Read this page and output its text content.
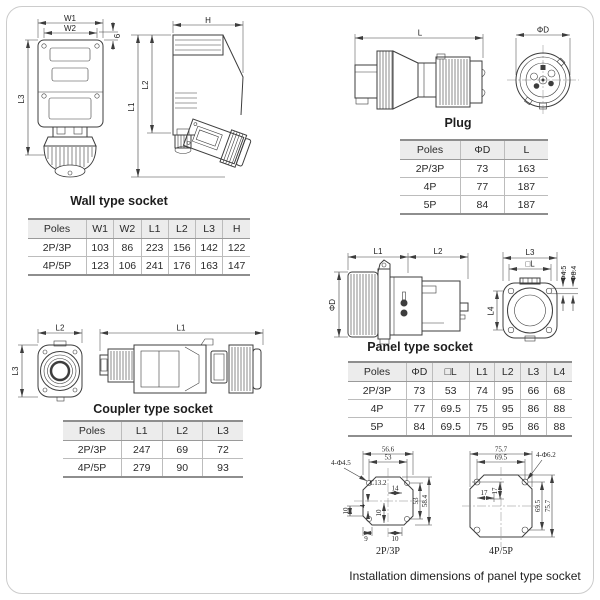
W1
W2
6
L3
H
L1
L2
Wall type socket
Poles	W1	W2	L1	L2	L3	H
2P/3P	103	86	223	156	142	122
4P/5P	123	106	241	176	163	147
L	ΦD
Plug
Poles	ΦD	L
2P/3P	73	163
4P	77	187
5P	84	187
L1	L2
ΦD
L3
□L
Φ4.5 Φ8.4
L4
Panel type socket
Poles	ΦD	□L	L1	L2	L3	L4
2P/3P	73	53	74	95	66	68
4P	77	69.5	75	95	86	88
5P	84	69.5	75	95	86	88
L2
L3
L1
Coupler type socket
Poles	L1	L2	L3
2P/3P	247	69	72
4P/5P	279	90	93
56.6
53
4-Φ4.5
C13.2
14
53 58.4
10
4
10
9	10
2P/3P
75.7
69.5	4-Φ6.2
17
17
69.5 75.7
4P/5P
Installation dimensions of panel type socket
